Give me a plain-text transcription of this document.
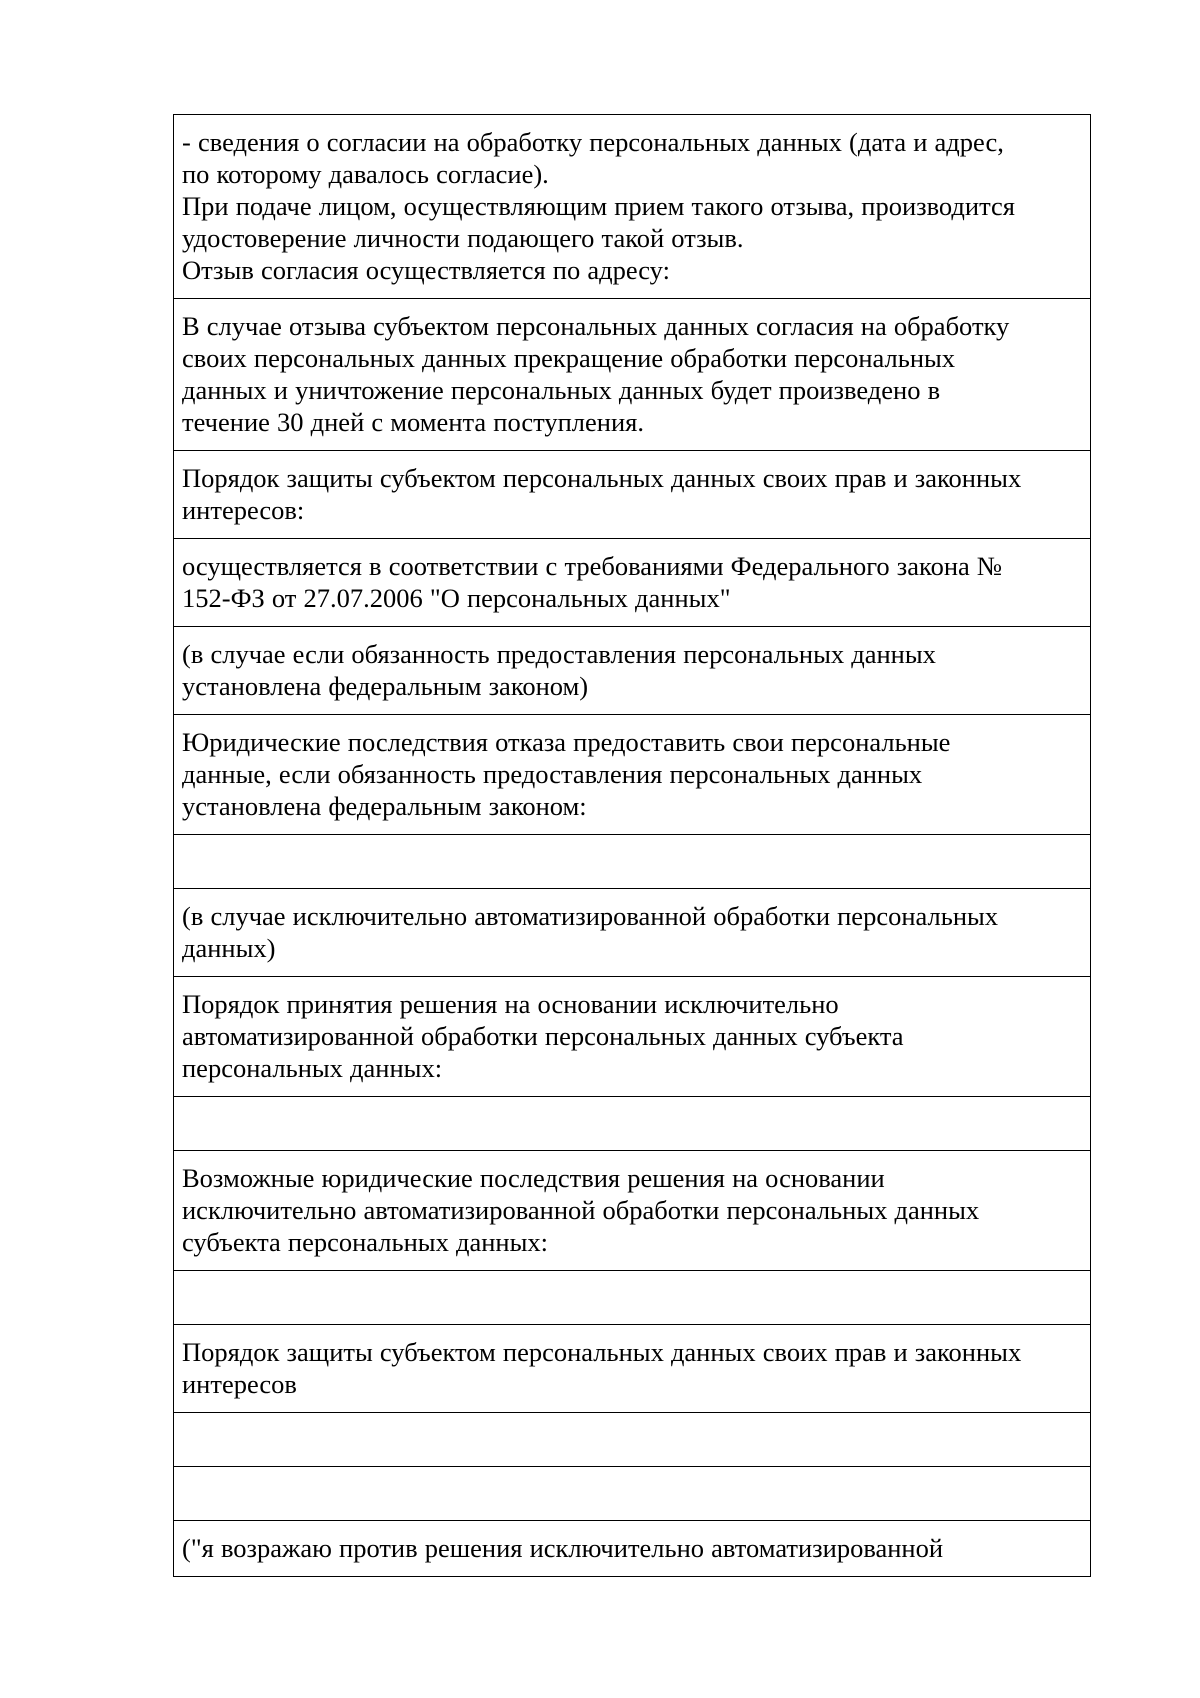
- сведения о согласии на обработку персональных данных (дата и адрес,
по которому давалось согласие).
При подаче лицом, осуществляющим прием такого отзыва, производится
удостоверение личности подающего такой отзыв.
Отзыв согласия осуществляется по адресу:

В случае отзыва субъектом персональных данных согласия на обработку
своих персональных данных прекращение обработки персональных
данных и уничтожение персональных данных будет произведено в
течение 30 дней с момента поступления.

Порядок защиты субъектом персональных данных своих прав и законных
интересов:

осуществляется в соответствии с требованиями Федерального закона №
152-ФЗ от 27.07.2006 "О персональных данных"

(в случае если обязанность предоставления персональных данных
установлена федеральным законом)

Юридические последствия отказа предоставить свои персональные
данные, если обязанность предоставления персональных данных
установлена федеральным законом:

(в случае исключительно автоматизированной обработки персональных
данных)

Порядок принятия решения на основании исключительно
автоматизированной обработки персональных данных субъекта
персональных данных:

Возможные юридические последствия решения на основании
исключительно автоматизированной обработки персональных данных
субъекта персональных данных:

Порядок защиты субъектом персональных данных своих прав и законных
интересов

("я возражаю против решения исключительно автоматизированной
